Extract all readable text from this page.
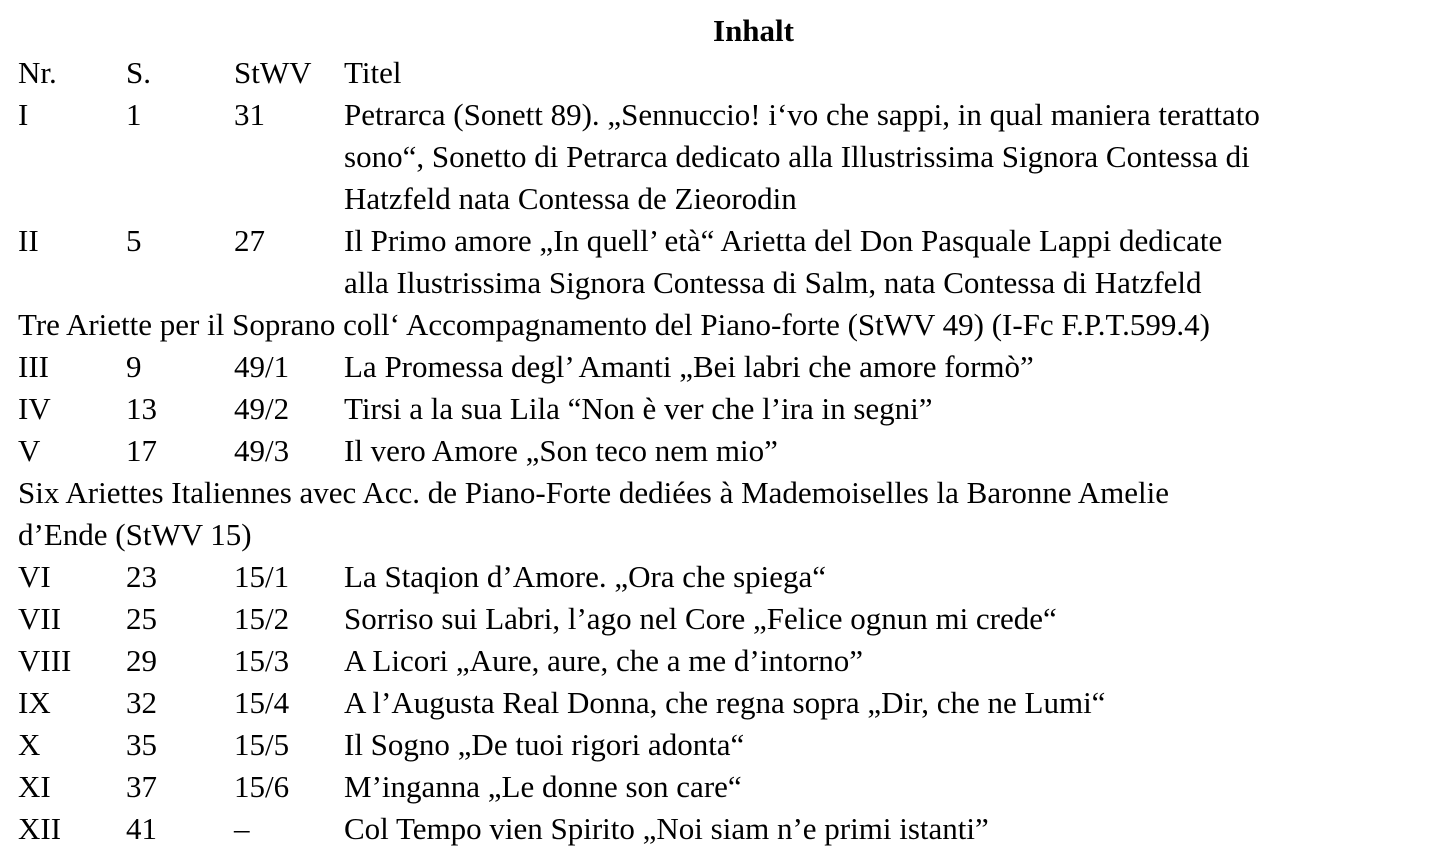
Inhalt
Nr.	S.	StWV	Titel
I	1	31	Petrarca (Sonett 89). „Sennuccio! i‘vo che sappi, in qual maniera terattato
sono“, Sonetto di Petrarca dedicato alla Illustrissima Signora Contessa di
Hatzfeld nata Contessa de Zieorodin
II	5	27	Il Primo amore „In quell’ età“ Arietta del Don Pasquale Lappi dedicate
alla Ilustrissima Signora Contessa di Salm, nata Contessa di Hatzfeld
Tre Ariette per il Soprano coll‘ Accompagnamento del Piano-forte (StWV 49) (I-Fc F.P.T.599.4)
III	9	49/1	La Promessa degl’ Amanti „Bei labri che amore formò”
IV	13	49/2	Tirsi a la sua Lila “Non è ver che l’ira in segni”
V	17	49/3	Il vero Amore „Son teco nem mio”
Six Ariettes Italiennes avec Acc. de Piano-Forte dediées à Mademoiselles la Baronne Amelie
d’Ende (StWV 15)
VI	23	15/1	La Staqion d’Amore. „Ora che spiega“
VII	25	15/2	Sorriso sui Labri, l’ago nel Core „Felice ognun mi crede“
VIII	29	15/3	A Licori „Aure, aure, che a me d’intorno”
IX	32	15/4	A l’Augusta Real Donna, che regna sopra „Dir, che ne Lumi“
X	35	15/5	Il Sogno „De tuoi rigori adonta“
XI	37	15/6	M’inganna „Le donne son care“
XII	41	–	Col Tempo vien Spirito „Noi siam n’e primi istanti”
